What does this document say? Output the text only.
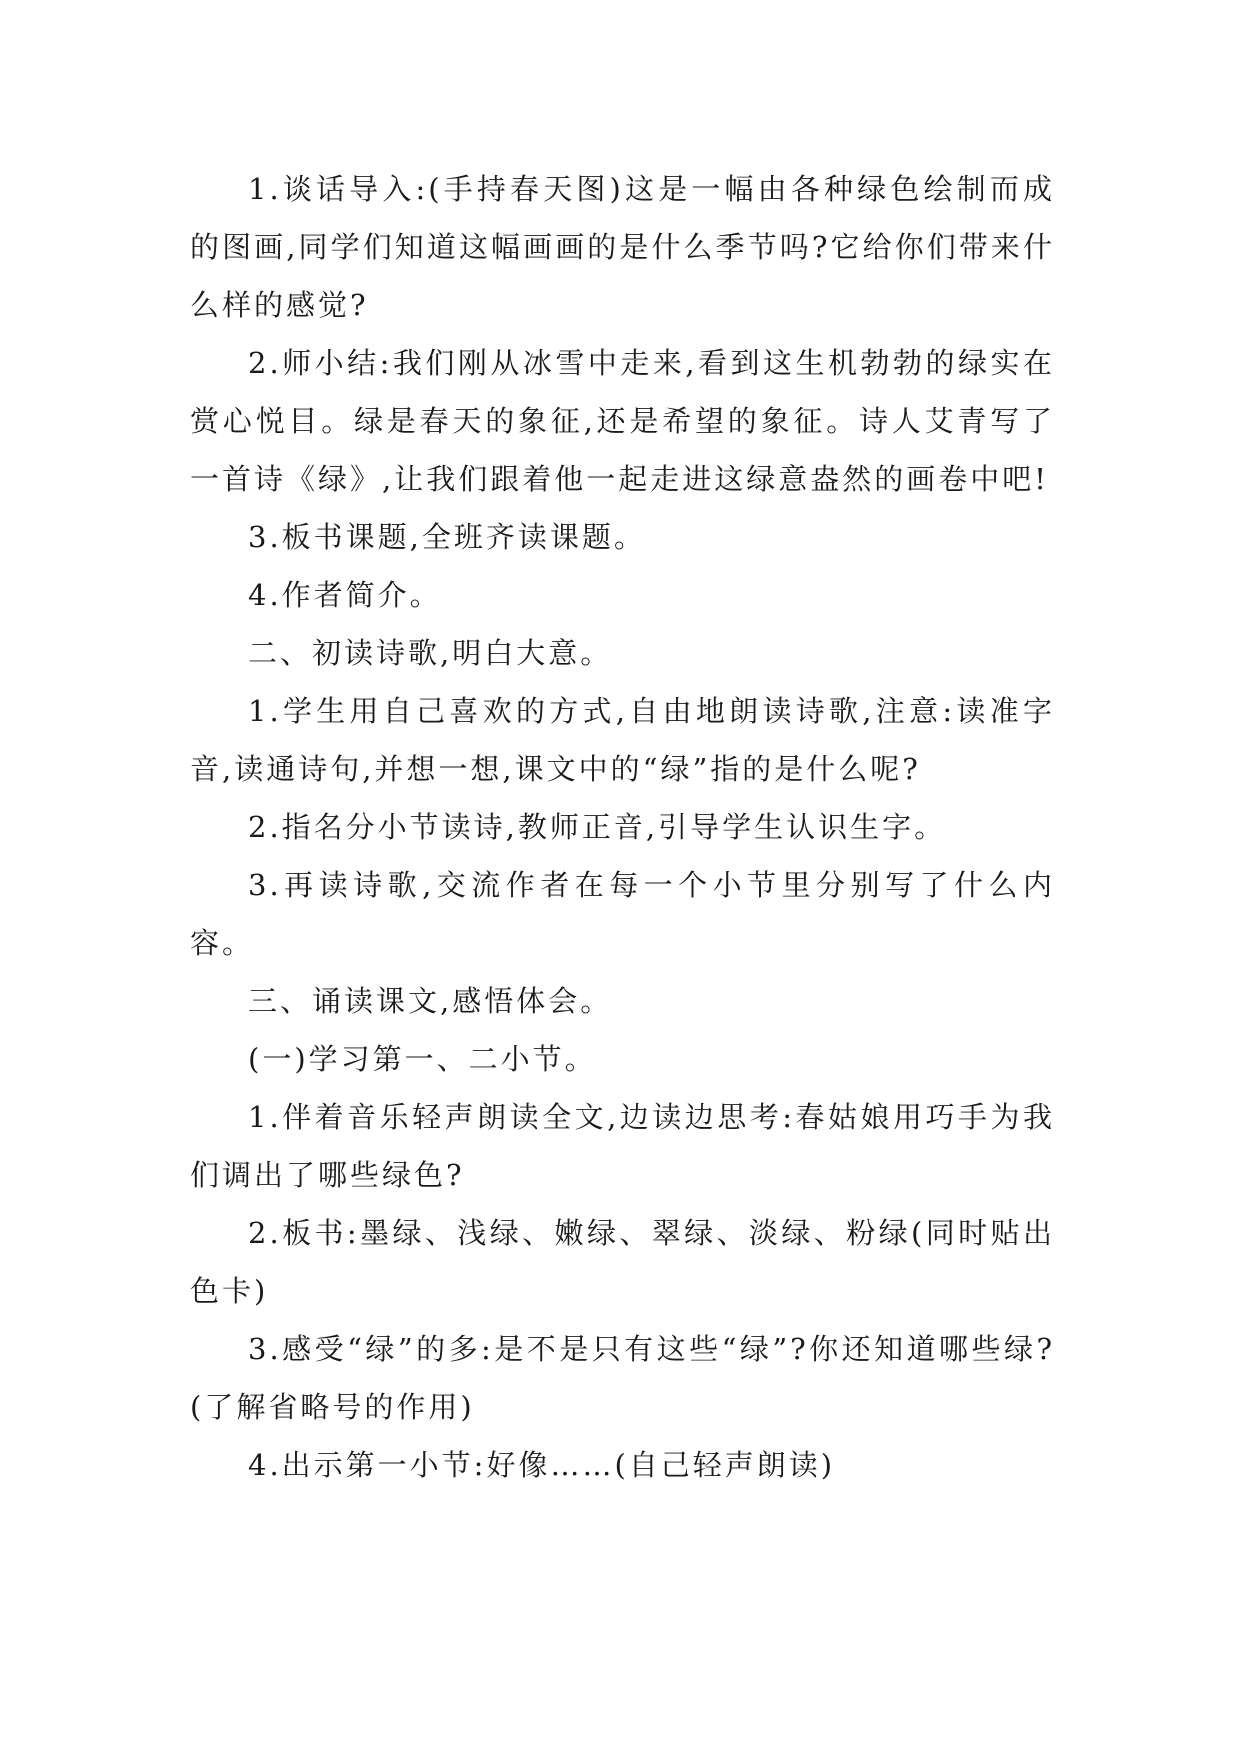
1.谈话导入:(手持春天图)这是一幅由各种绿色绘制而成的图画,同学们知道这幅画画的是什么季节吗?它给你们带来什么样的感觉?

2.师小结:我们刚从冰雪中走来,看到这生机勃勃的绿实在赏心悦目。绿是春天的象征,还是希望的象征。诗人艾青写了一首诗《绿》,让我们跟着他一起走进这绿意盎然的画卷中吧!

3.板书课题,全班齐读课题。

4.作者简介。

二、初读诗歌,明白大意。

1.学生用自己喜欢的方式,自由地朗读诗歌,注意:读准字音,读通诗句,并想一想,课文中的“绿”指的是什么呢?

2.指名分小节读诗,教师正音,引导学生认识生字。

3.再读诗歌,交流作者在每一个小节里分别写了什么内容。

三、诵读课文,感悟体会。

(一)学习第一、二小节。

1.伴着音乐轻声朗读全文,边读边思考:春姑娘用巧手为我们调出了哪些绿色?

2.板书:墨绿、浅绿、嫩绿、翠绿、淡绿、粉绿(同时贴出色卡)

3.感受“绿”的多:是不是只有这些“绿”?你还知道哪些绿?(了解省略号的作用)

4.出示第一小节:好像……(自己轻声朗读)
